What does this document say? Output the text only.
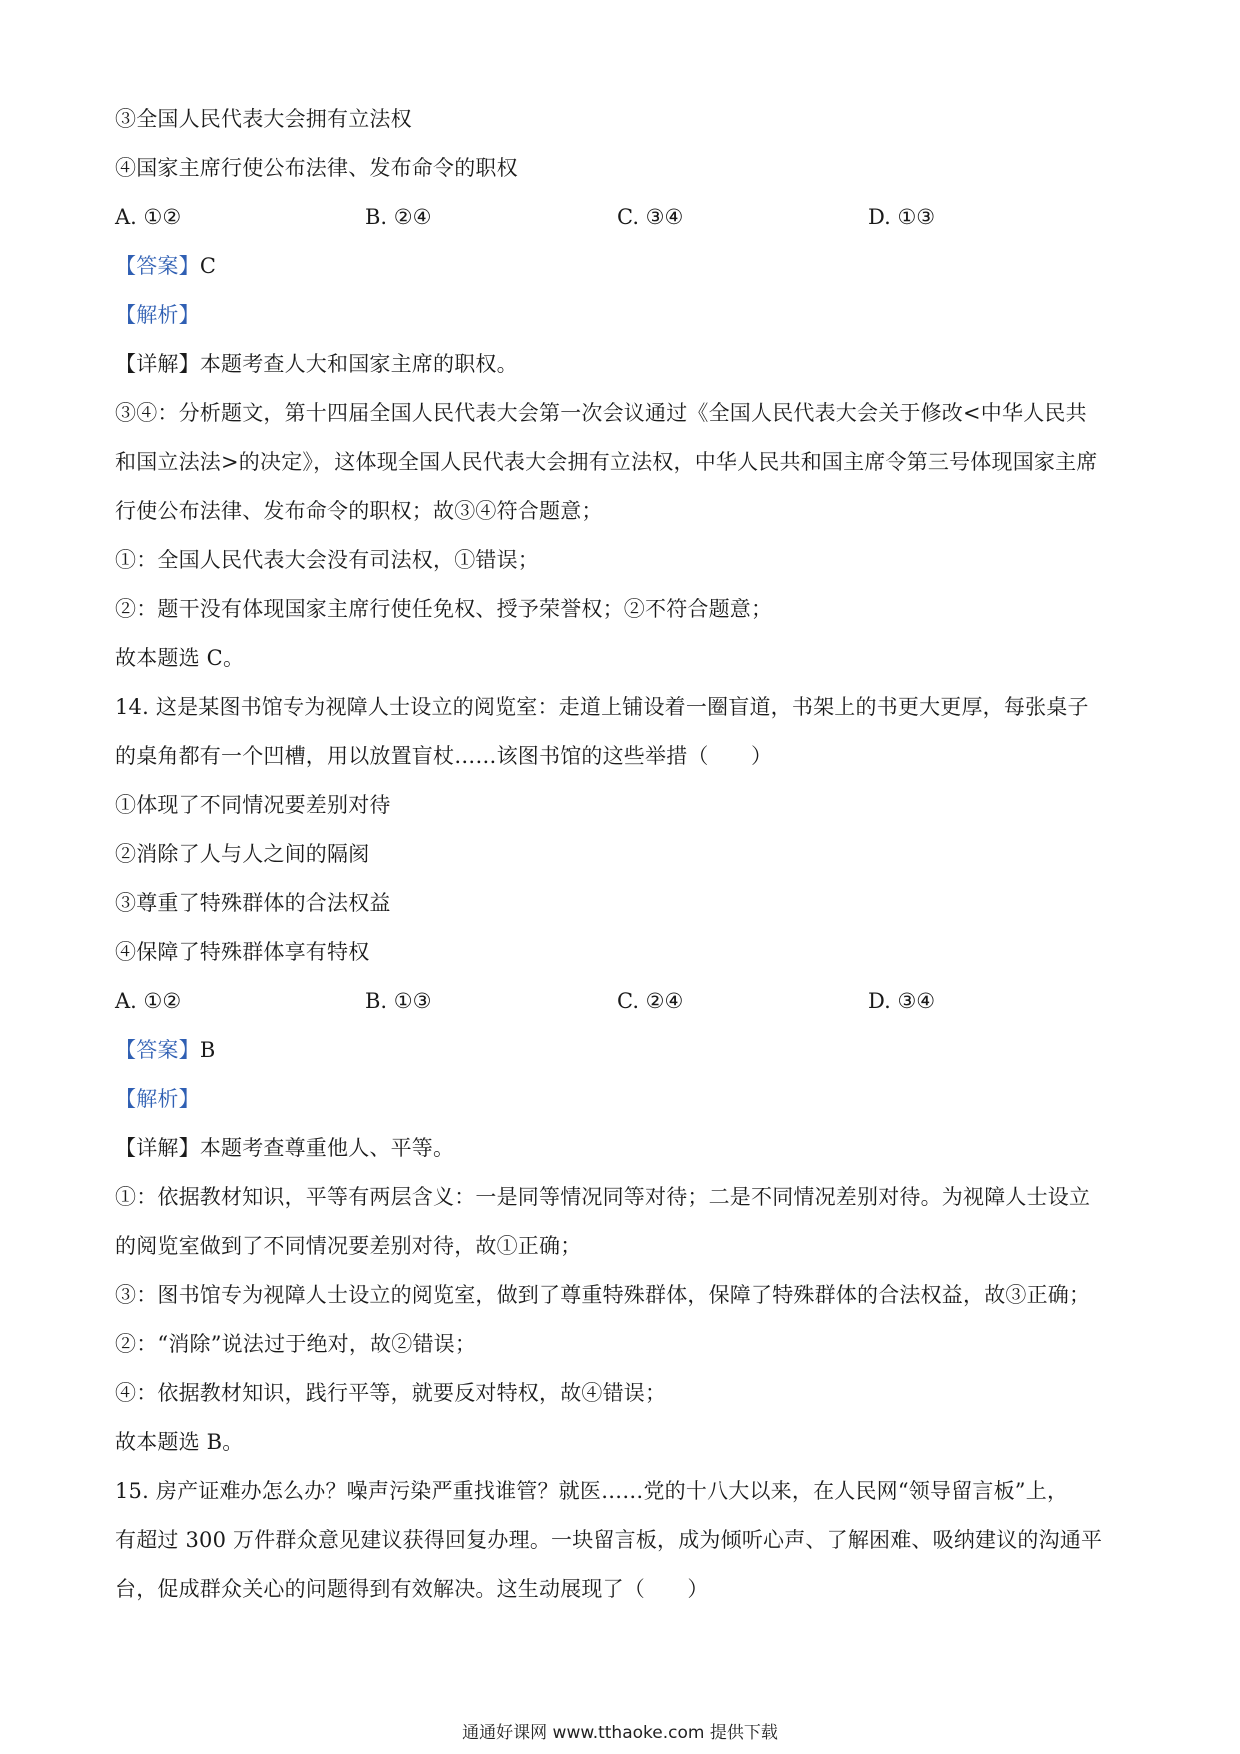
③全国人民代表大会拥有立法权
④国家主席行使公布法律、发布命令的职权
A. ①②	B. ②④	C. ③④	D. ①③
【答案】C
【解析】
【详解】本题考查人大和国家主席的职权。
③④：分析题文，第十四届全国人民代表大会第一次会议通过《全国人民代表大会关于修改<中华人民共
和国立法法>的决定》，这体现全国人民代表大会拥有立法权，中华人民共和国主席令第三号体现国家主席
行使公布法律、发布命令的职权；故③④符合题意；
①：全国人民代表大会没有司法权，①错误；
②：题干没有体现国家主席行使任免权、授予荣誉权；②不符合题意；
故本题选 C。
14. 这是某图书馆专为视障人士设立的阅览室：走道上铺设着一圈盲道，书架上的书更大更厚，每张桌子
的桌角都有一个凹槽，用以放置盲杖……该图书馆的这些举措（　　）
①体现了不同情况要差别对待
②消除了人与人之间的隔阂
③尊重了特殊群体的合法权益
④保障了特殊群体享有特权
A. ①②	B. ①③	C. ②④	D. ③④
【答案】B
【解析】
【详解】本题考查尊重他人、平等。
①：依据教材知识，平等有两层含义：一是同等情况同等对待；二是不同情况差别对待。为视障人士设立
的阅览室做到了不同情况要差别对待，故①正确；
③：图书馆专为视障人士设立的阅览室，做到了尊重特殊群体，保障了特殊群体的合法权益，故③正确；
②：“消除”说法过于绝对，故②错误；
④：依据教材知识，践行平等，就要反对特权，故④错误；
故本题选 B。
15. 房产证难办怎么办？噪声污染严重找谁管？就医……党的十八大以来，在人民网“领导留言板”上，
有超过 300 万件群众意见建议获得回复办理。一块留言板，成为倾听心声、了解困难、吸纳建议的沟通平
台，促成群众关心的问题得到有效解决。这生动展现了（　　）
通通好课网 www.tthaoke.com 提供下载
